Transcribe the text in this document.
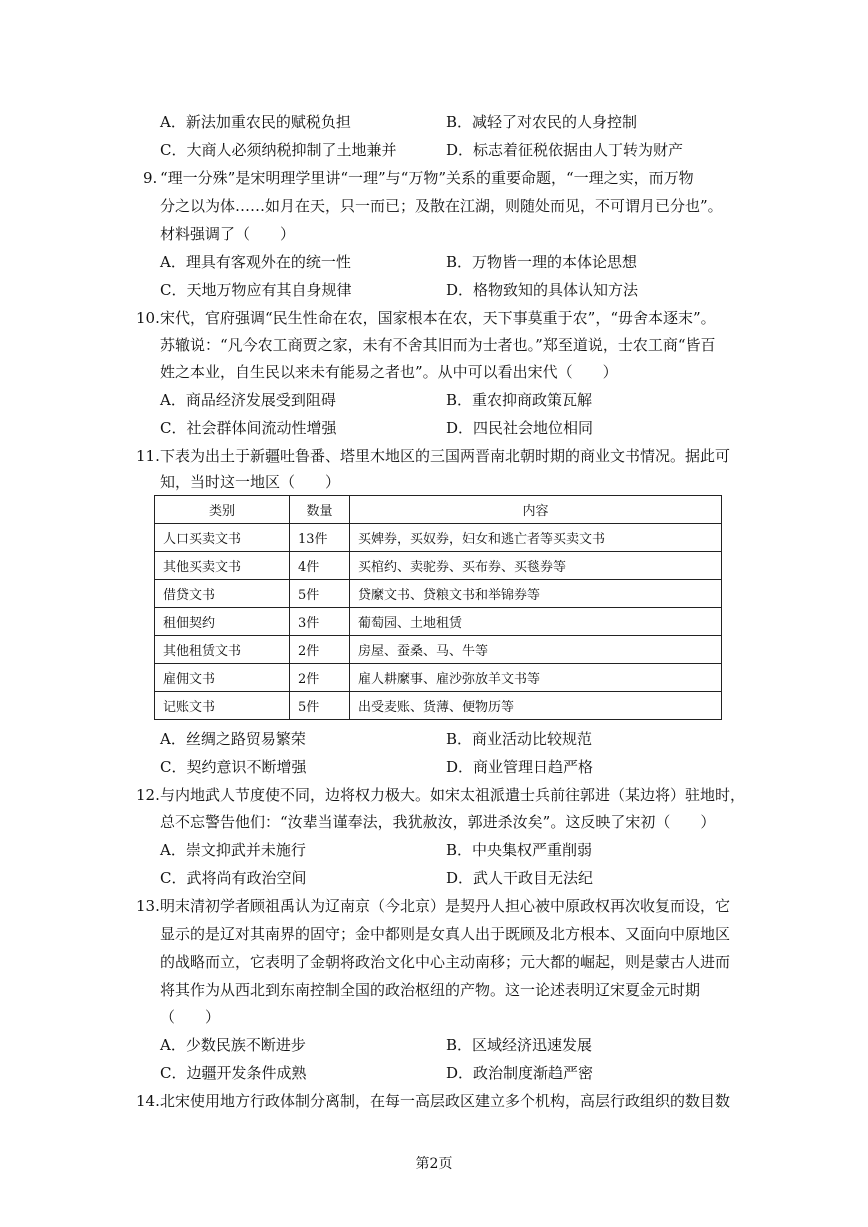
A．新法加重农民的赋税负担	B．减轻了对农民的人身控制
C．大商人必须纳税抑制了土地兼并	D．标志着征税依据由人丁转为财产
9. “理一分殊”是宋明理学里讲“一理”与“万物”关系的重要命题，“一理之实，而万物
分之以为体……如月在天，只一而已；及散在江湖，则随处而见，不可谓月已分也”。
材料强调了（　　）
A．理具有客观外在的统一性	B．万物皆一理的本体论思想
C．天地万物应有其自身规律	D．格物致知的具体认知方法
10. 宋代，官府强调“民生性命在农，国家根本在农，天下事莫重于农”，“毋舍本逐末”。
苏辙说：“凡今农工商贾之家，未有不舍其旧而为士者也。”郑至道说，士农工商“皆百
姓之本业，自生民以来未有能易之者也”。从中可以看出宋代（　　）
A．商品经济发展受到阻碍	B．重农抑商政策瓦解
C．社会群体间流动性增强	D．四民社会地位相同
11. 下表为出土于新疆吐鲁番、塔里木地区的三国两晋南北朝时期的商业文书情况。据此可
知，当时这一地区（　　）
类别	数量	内容
人口买卖文书	13件	买婢券，买奴券，妇女和逃亡者等买卖文书
其他买卖文书	4件	买棺约、卖驼券、买布券、买毯券等
借贷文书	5件	贷縻文书、贷粮文书和举锦券等
租佃契约	3件	葡萄园、土地租赁
其他租赁文书	2件	房屋、蚕桑、马、牛等
雇佣文书	2件	雇人耕縻事、雇沙弥放羊文书等
记账文书	5件	出受麦账、货薄、便物历等
A．丝绸之路贸易繁荣	B．商业活动比较规范
C．契约意识不断增强	D．商业管理日趋严格
12. 与内地武人节度使不同，边将权力极大。如宋太祖派遣士兵前往郭进（某边将）驻地时，
总不忘警告他们：“汝辈当谨奉法，我犹赦汝，郭进杀汝矣”。这反映了宋初（　　）
A．崇文抑武并未施行	B．中央集权严重削弱
C．武将尚有政治空间	D．武人干政目无法纪
13. 明末清初学者顾祖禹认为辽南京（今北京）是契丹人担心被中原政权再次收复而设，它
显示的是辽对其南界的固守；金中都则是女真人出于既顾及北方根本、又面向中原地区
的战略而立，它表明了金朝将政治文化中心主动南移；元大都的崛起，则是蒙古人进而
将其作为从西北到东南控制全国的政治枢纽的产物。这一论述表明辽宋夏金元时期
（　　）
A．少数民族不断进步	B．区域经济迅速发展
C．边疆开发条件成熟	D．政治制度渐趋严密
14. 北宋使用地方行政体制分离制，在每一高层政区建立多个机构，高层行政组织的数目数
第2页
